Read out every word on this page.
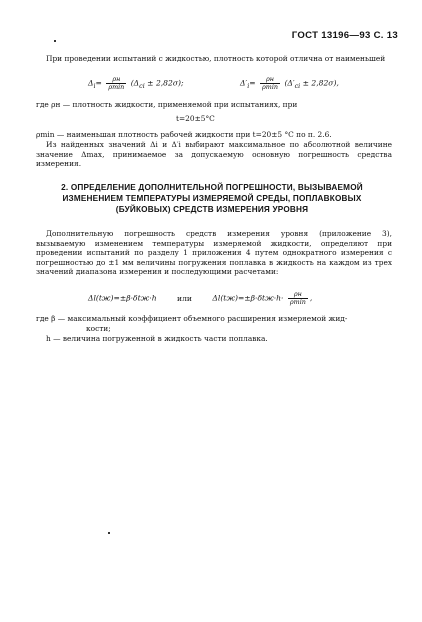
ГОСТ 13196—93 С. 13
При проведении испытаний с жидкостью, плотность которой отлична от наименьшей
$\Delta_i= \frac{\rho н}{\rho\min} (\Delta_{ci} \pm 2,82\sigma)$;	$\Delta'_i= \frac{\rho н}{\rho\min} (\Delta'_{ci} \pm 2,82\sigma)$,
где ρн — плотность жидкости, применяемой при испытаниях, при
t=20±5°С
ρmin — наименьшая плотность рабочей жидкости при t=20±5 °С по п. 2.6.
Из найденных значений Δi и Δ′i выбирают максимальное по абсолютной величине значение Δmax, принимаемое за допускаемую основную погрешность средства измерения.
2. ОПРЕДЕЛЕНИЕ ДОПОЛНИТЕЛЬНОЙ ПОГРЕШНОСТИ, ВЫЗЫВАЕМОЙ
ИЗМЕНЕНИЕМ ТЕМПЕРАТУРЫ ИЗМЕРЯЕМОЙ СРЕДЫ, ПОПЛАВКОВЫХ
(БУЙКОВЫХ) СРЕДСТВ ИЗМЕРЕНИЯ УРОВНЯ
Дополнительную погрешность средств измерения уровня (приложение 3), вызываемую изменением температуры измеряемой жидкости, определяют при проведении испытаний по разделу 1 приложения 4 путем однократного измерения с погрешностью до ±1 мм величины погружения поплавка в жидкость на каждом из трех значений диапазона измерения и последующими расчетами:
Δl(tж)=±β·δtж·h	или	$\Delta l(tж)=\pm\beta\cdot\delta tж\cdot h\cdot \frac{\rho н}{\rho\min}$ ,
где β — максимальный коэффициент объемного расширения измеряемой жид-
кости;
h — величина погруженной в жидкость части поплавка.
